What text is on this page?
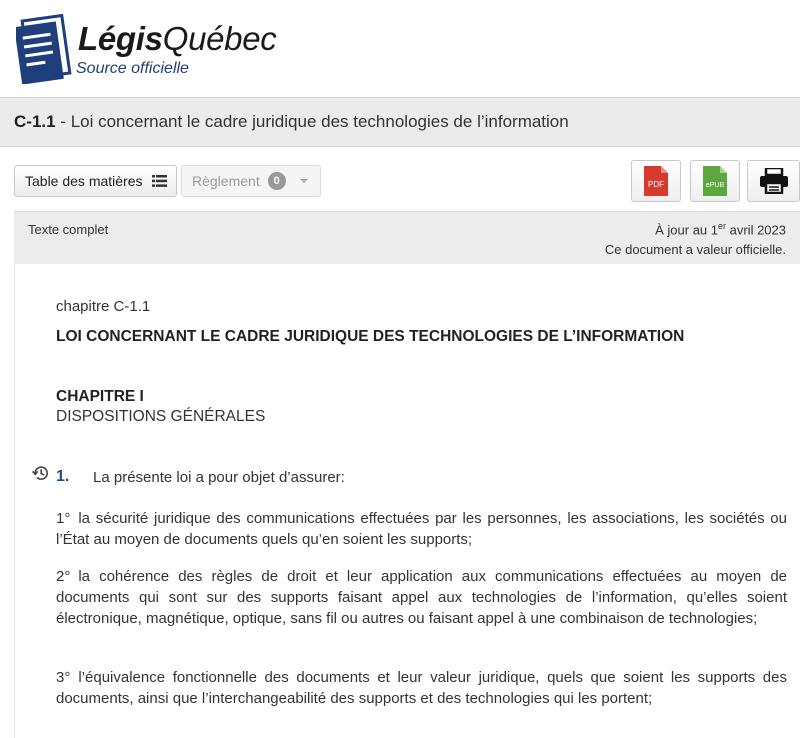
LégisQuébec
Source officielle
C-1.1 - Loi concernant le cadre juridique des technologies de l’information
Table des matières	Règlement	0	PDF	ePUB
Texte complet	À jour au 1er avril 2023
Ce document a valeur officielle.
chapitre C-1.1
LOI CONCERNANT LE CADRE JURIDIQUE DES TECHNOLOGIES DE L’INFORMATION
CHAPITRE I
DISPOSITIONS GÉNÉRALES
1. La présente loi a pour objet d’assurer:
1° la sécurité juridique des communications effectuées par les personnes, les associations, les sociétés ou l’État au moyen de documents quels qu’en soient les supports;
2° la cohérence des règles de droit et leur application aux communications effectuées au moyen de documents qui sont sur des supports faisant appel aux technologies de l’information, qu’elles soient électronique, magnétique, optique, sans fil ou autres ou faisant appel à une combinaison de technologies;
3° l’équivalence fonctionnelle des documents et leur valeur juridique, quels que soient les supports des documents, ainsi que l’interchangeabilité des supports et des technologies qui les portent;
